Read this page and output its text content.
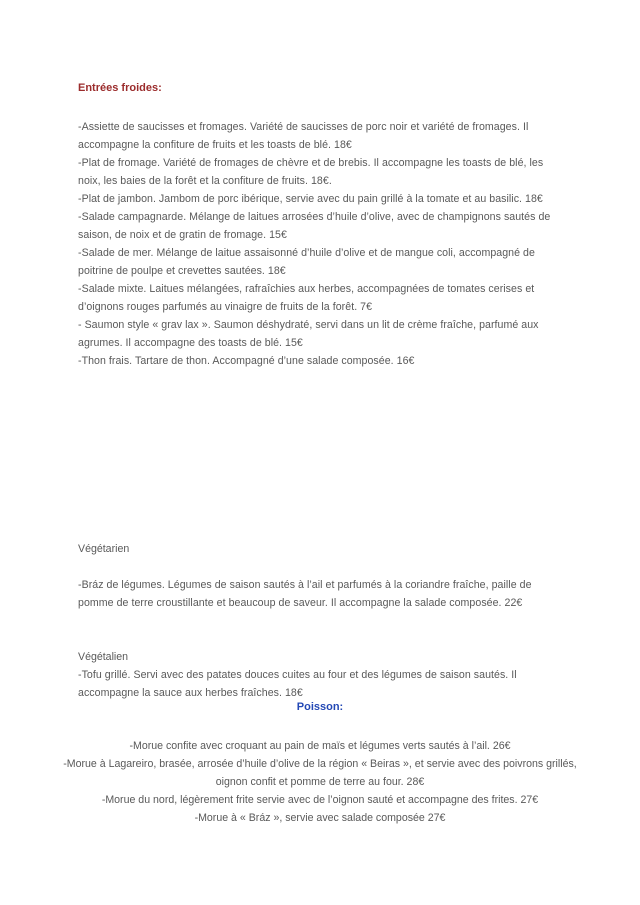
Entrées froides:

-Assiette de saucisses et fromages. Variété de saucisses de porc noir et variété de fromages. Il accompagne la confiture de fruits et les toasts de blé. 18€

-Plat de fromage. Variété de fromages de chèvre et de brebis. Il accompagne les toasts de blé, les noix, les baies de la forêt et la confiture de fruits. 18€.

-Plat de jambon. Jambom de porc ibérique, servie avec du pain grillé à la tomate et au basilic. 18€

-Salade campagnarde. Mélange de laitues arrosées d’huile d’olive, avec de champignons sautés de saison, de noix et de gratin de fromage. 15€

-Salade de mer. Mélange de laitue assaisonné d’huile d’olive et de mangue coli, accompagné de poitrine de poulpe et crevettes sautées. 18€

-Salade mixte. Laitues mélangées, rafraîchies aux herbes, accompagnées de tomates cerises et d’oignons rouges parfumés au vinaigre de fruits de la forêt. 7€

- Saumon style « grav lax ». Saumon déshydraté, servi dans un lit de crème fraîche, parfumé aux agrumes. Il accompagne des toasts de blé. 15€

-Thon frais. Tartare de thon. Accompagné d’une salade composée. 16€

Végétarien

-Bráz de légumes. Légumes de saison sautés à l’ail et parfumés à la coriandre fraîche, paille de pomme de terre croustillante et beaucoup de saveur. Il accompagne la salade composée. 22€

Végétalien

-Tofu grillé. Servi avec des patates douces cuites au four et des légumes de saison sautés. Il accompagne la sauce aux herbes fraîches. 18€

Poisson:

-Morue confite avec croquant au pain de maïs et légumes verts sautés à l’ail. 26€

-Morue à Lagareiro, brasée, arrosée d’huile d’olive de la région « Beiras », et servie avec des poivrons grillés, oignon confit et pomme de terre au four. 28€

-Morue du nord, légèrement frite servie avec de l’oignon sauté et accompagne des frites. 27€

-Morue à « Bráz », servie avec salade composée 27€
